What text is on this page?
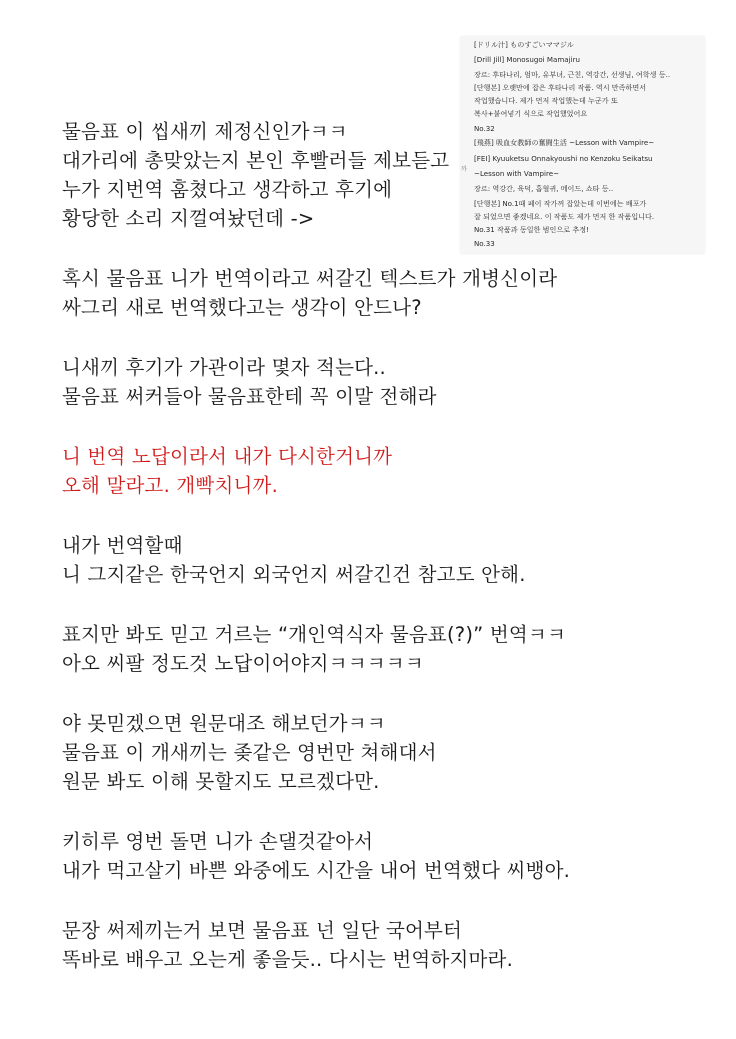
물음표 이 씹새끼 제정신인가ㅋㅋ
대가리에 총맞았는지 본인 후빨러들 제보듣고
누가 지번역 훔쳤다고 생각하고 후기에
황당한 소리 지껄여놨던데 ->
혹시 물음표 니가 번역이라고 써갈긴 텍스트가 개병신이라
싸그리 새로 번역했다고는 생각이 안드나?
니새끼 후기가 가관이라 몇자 적는다..
물음표 써커들아 물음표한테 꼭 이말 전해라
니 번역 노답이라서 내가 다시한거니까
오해 말라고. 개빡치니까.
내가 번역할때
니 그지같은 한국언지 외국언지 써갈긴건 참고도 안해.
표지만 봐도 믿고 거르는 “개인역식자 물음표(?)” 번역ㅋㅋ
아오 씨팔 정도것 노답이어야지ㅋㅋㅋㅋㅋ
야 못믿겠으면 원문대조 해보던가ㅋㅋ
물음표 이 개새끼는 좆같은 영번만 쳐해대서
원문 봐도 이해 못할지도 모르겠다만.
키히루 영번 돌면 니가 손댈것같아서
내가 먹고살기 바쁜 와중에도 시간을 내어 번역했다 씨뱅아.
문장 써제끼는거 보면 물음표 넌 일단 국어부터
똑바로 배우고 오는게 좋을듯.. 다시는 번역하지마라.
까
[ドリル汁] ものすごいママジル
[Drill Jill] Monosugoi Mamajiru
장르: 후타나리, 엄마, 유부녀, 근친, 역강간, 선생님, 여학생 등..
[단행본] 오랫만에 잡은 후타나리 작품. 역시 만족하면서
작업했습니다. 제가 먼저 작업했는데 누군가 또
복사+붙여넣기 식으로 작업했었어요
No.32
[飛燕] 吸血女教師の奮闘生活 ~Lesson with Vampire~
[FEI] Kyuuketsu Onnakyoushi no Kenzoku Seikatsu
~Lesson with Vampire~
장르: 역강간, 육덕, 흡혈귀, 메이드, 쇼타 등..
[단행본] No.1때 페이 작가꺼 잡았는데 이번에는 배포가
잘 되었으면 좋겠네요. 이 작품도 제가 먼저 한 작품입니다.
No.31 작품과 동일한 범인으로 추정!
No.33
